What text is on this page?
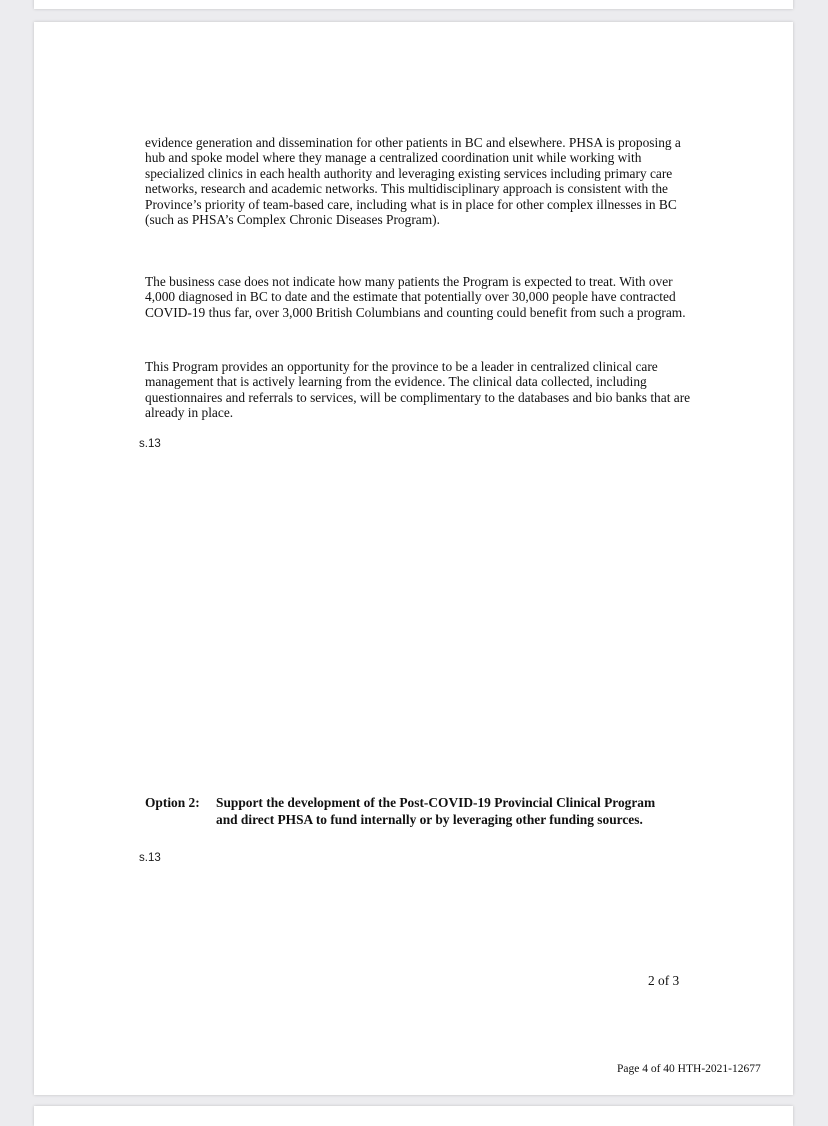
evidence generation and dissemination for other patients in BC and elsewhere. PHSA is proposing a hub and spoke model where they manage a centralized coordination unit while working with specialized clinics in each health authority and leveraging existing services including primary care networks, research and academic networks. This multidisciplinary approach is consistent with the Province’s priority of team-based care, including what is in place for other complex illnesses in BC (such as PHSA’s Complex Chronic Diseases Program).

The business case does not indicate how many patients the Program is expected to treat. With over 4,000 diagnosed in BC to date and the estimate that potentially over 30,000 people have contracted COVID-19 thus far, over 3,000 British Columbians and counting could benefit from such a program.

This Program provides an opportunity for the province to be a leader in centralized clinical care management that is actively learning from the evidence. The clinical data collected, including questionnaires and referrals to services, will be complimentary to the databases and bio banks that are already in place.

s.13
Option 2: Support the development of the Post-COVID-19 Provincial Clinical Program and direct PHSA to fund internally or by leveraging other funding sources.
s.13
2 of 3
Page 4 of 40 HTH-2021-12677
